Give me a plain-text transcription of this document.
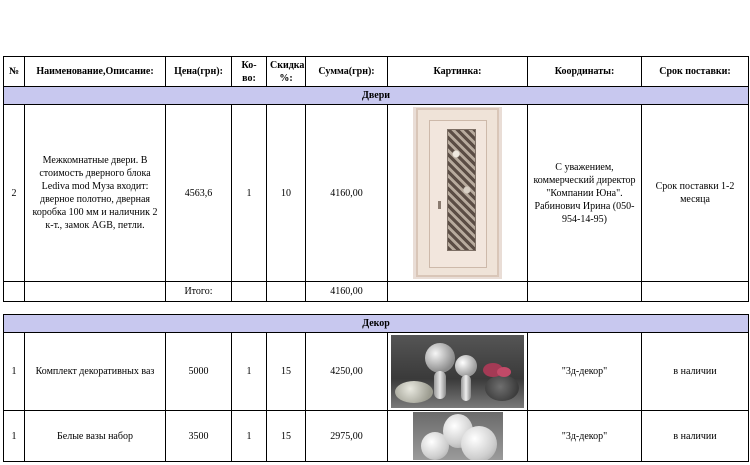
№	Наименование,Описание:	Цена(грн):	Ко-во:	Скидка %:	Сумма(грн):	Картинка:	Координаты:	Срок поставки:
Двери								
2	Межкомнатные двери. В стоимость дверного блока Lediva mod Муза входит: дверное полотно, дверная коробка 100 мм и наличник 2 к-т., замок AGB, петли.	4563,6	1	10	4160,00		С уважением, коммерческий директор "Компании Юна". Рабинович Ирина (050-954-14-95)	Срок поставки 1-2 месяца
		Итого:			4160,00			
Декор								
1	Комплект декоративных ваз	5000	1	15	4250,00		"3д-декор"	в наличии
1	Белые вазы набор	3500	1	15	2975,00		"3д-декор"	в наличии
